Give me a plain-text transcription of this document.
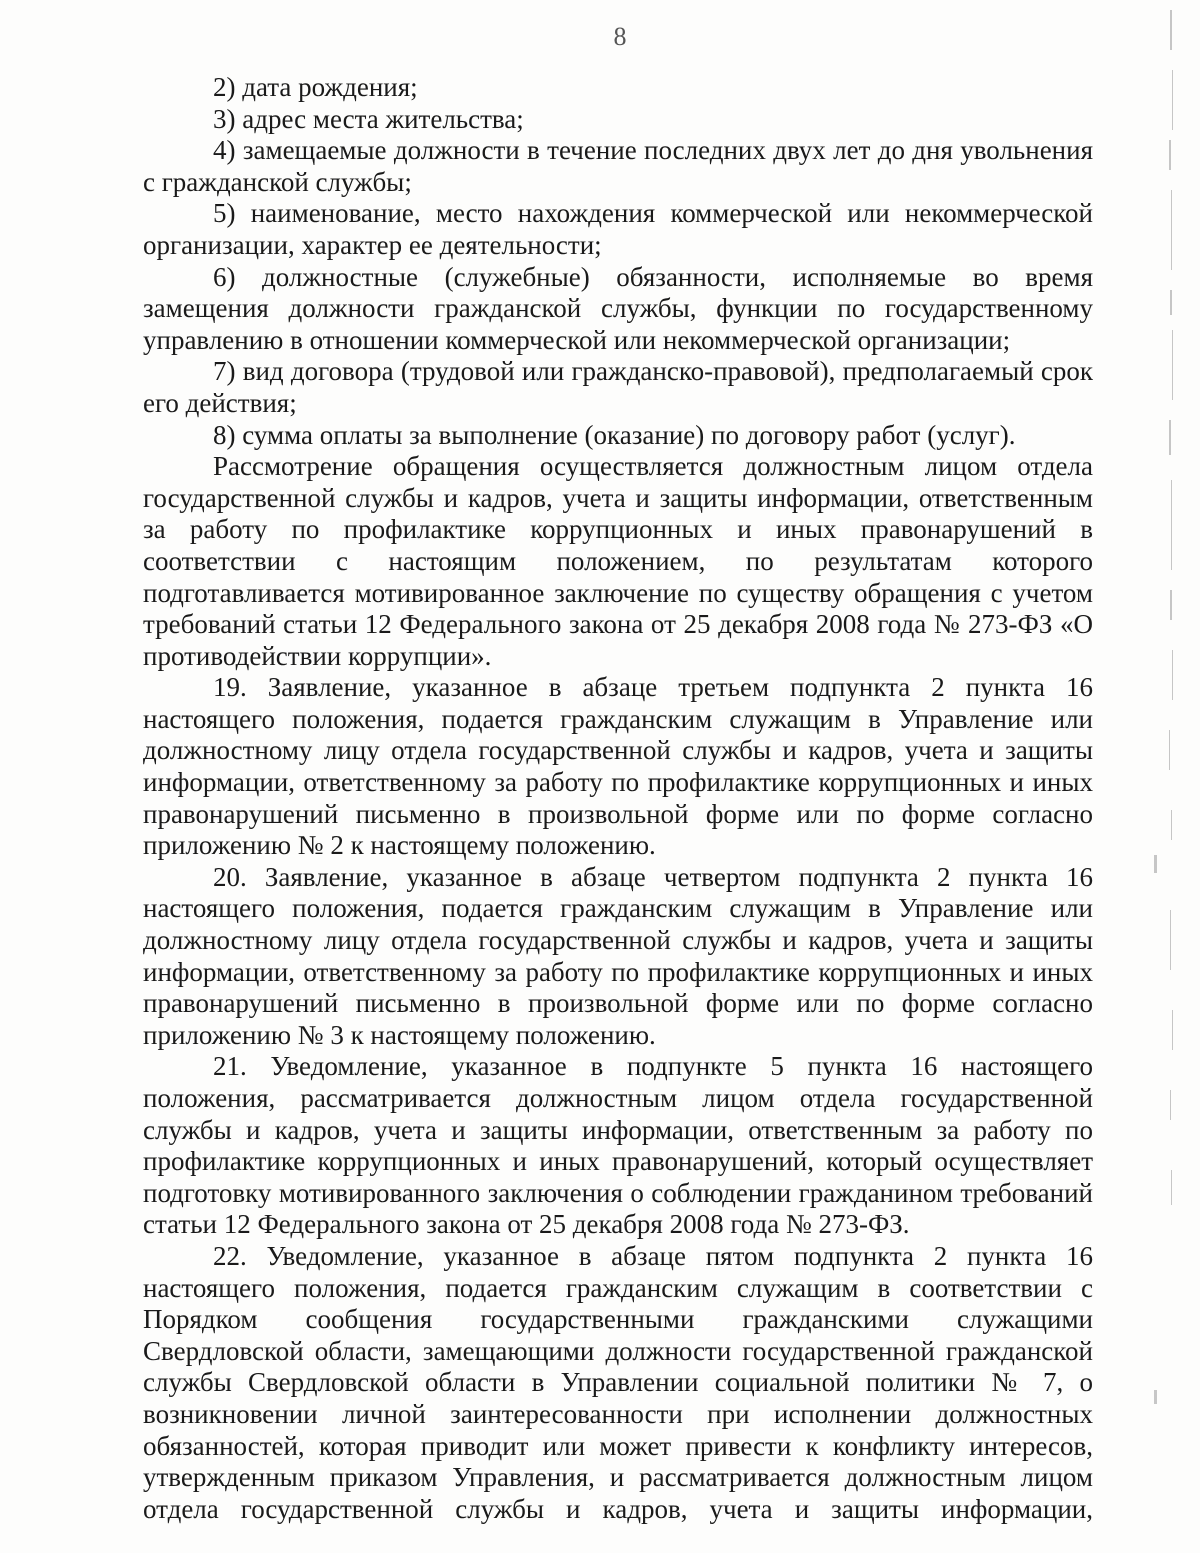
8

2) дата рождения;

3) адрес места жительства;

4) замещаемые должности в течение последних двух лет до дня увольнения с гражданской службы;

5) наименование, место нахождения коммерческой или некоммерческой организации, характер ее деятельности;

6) должностные (служебные) обязанности, исполняемые во время замещения должности гражданской службы, функции по государственному управлению в отношении коммерческой или некоммерческой организации;

7) вид договора (трудовой или гражданско-правовой), предполагаемый срок его действия;

8) сумма оплаты за выполнение (оказание) по договору работ (услуг).

Рассмотрение обращения осуществляется должностным лицом отдела государственной службы и кадров, учета и защиты информации, ответственным за работу по профилактике коррупционных и иных правонарушений в соответствии с настоящим положением, по результатам которого подготавливается мотивированное заключение по существу обращения с учетом требований статьи 12 Федерального закона от 25 декабря 2008 года № 273-ФЗ «О противодействии коррупции».

19. Заявление, указанное в абзаце третьем подпункта 2 пункта 16 настоящего положения, подается гражданским служащим в Управление или должностному лицу отдела государственной службы и кадров, учета и защиты информации, ответственному за работу по профилактике коррупционных и иных правонарушений письменно в произвольной форме или по форме согласно приложению № 2 к настоящему положению.

20. Заявление, указанное в абзаце четвертом подпункта 2 пункта 16 настоящего положения, подается гражданским служащим в Управление или должностному лицу отдела государственной службы и кадров, учета и защиты информации, ответственному за работу по профилактике коррупционных и иных правонарушений письменно в произвольной форме или по форме согласно приложению № 3 к настоящему положению.

21. Уведомление, указанное в подпункте 5 пункта 16 настоящего положения, рассматривается должностным лицом отдела государственной службы и кадров, учета и защиты информации, ответственным за работу по профилактике коррупционных и иных правонарушений, который осуществляет подготовку мотивированного заключения о соблюдении гражданином требований статьи 12 Федерального закона от 25 декабря 2008 года № 273-ФЗ.

22. Уведомление, указанное в абзаце пятом подпункта 2 пункта 16 настоящего положения, подается гражданским служащим в соответствии с Порядком сообщения государственными гражданскими служащими Свердловской области, замещающими должности государственной гражданской службы Свердловской области в Управлении социальной политики № 7, о возникновении личной заинтересованности при исполнении должностных обязанностей, которая приводит или может привести к конфликту интересов, утвержденным приказом Управления, и рассматривается должностным лицом отдела государственной службы и кадров, учета и защиты информации,
